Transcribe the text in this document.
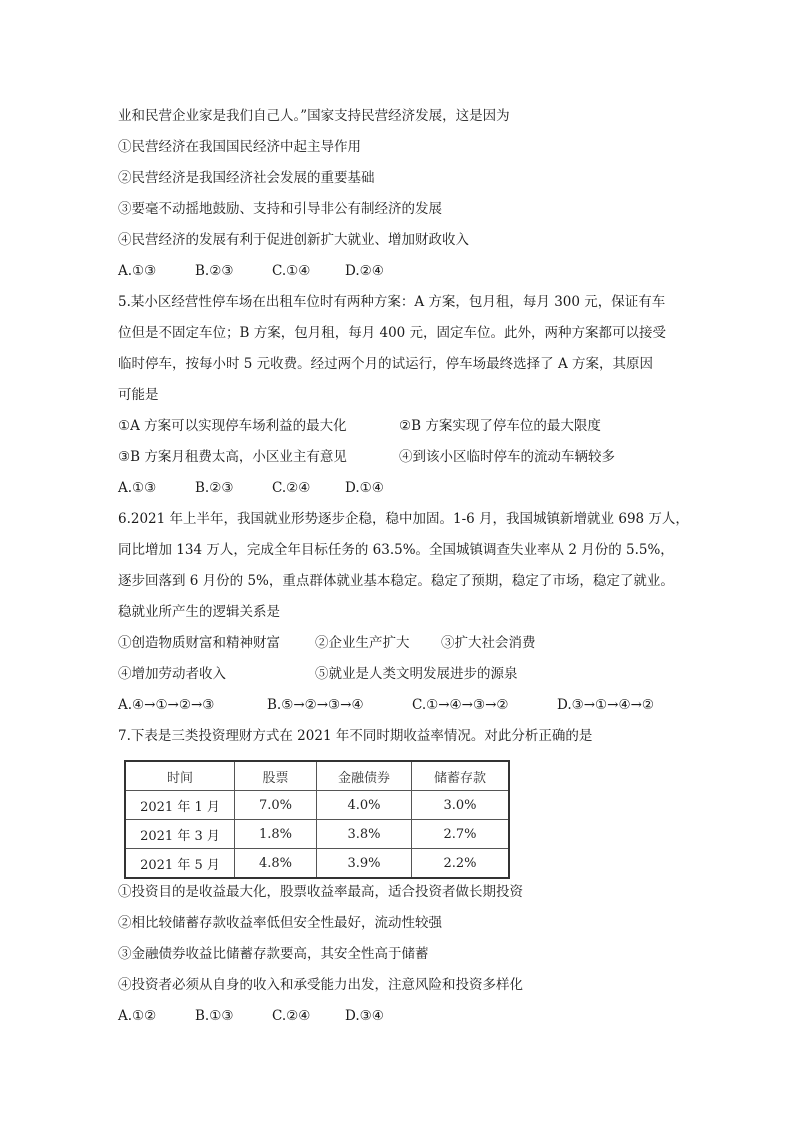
业和民营企业家是我们自己人。”国家支持民营经济发展，这是因为
①民营经济在我国国民经济中起主导作用
②民营经济是我国经济社会发展的重要基础
③要毫不动摇地鼓励、支持和引导非公有制经济的发展
④民营经济的发展有利于促进创新扩大就业、增加财政收入
A.①③	B.②③	C.①④	D.②④
5.某小区经营性停车场在出租车位时有两种方案：A 方案，包月租，每月 300 元，保证有车
位但是不固定车位；B 方案，包月租，每月 400 元，固定车位。此外，两种方案都可以接受
临时停车，按每小时 5 元收费。经过两个月的试运行，停车场最终选择了 A 方案，其原因
可能是
①A 方案可以实现停车场利益的最大化	②B 方案实现了停车位的最大限度
③B 方案月租费太高，小区业主有意见	④到该小区临时停车的流动车辆较多
A.①③	B.②③	C.②④	D.①④
6.2021 年上半年，我国就业形势逐步企稳，稳中加固。1-6 月，我国城镇新增就业 698 万人，
同比增加 134 万人，完成全年目标任务的 63.5%。全国城镇调查失业率从 2 月份的 5.5%，
逐步回落到 6 月份的 5%，重点群体就业基本稳定。稳定了预期，稳定了市场，稳定了就业。
稳就业所产生的逻辑关系是
①创造物质财富和精神财富	②企业生产扩大 ③扩大社会消费
④增加劳动者收入	⑤就业是人类文明发展进步的源泉
A.④→①→②→③	B.⑤→②→③→④	C.①→④→③→②	D.③→①→④→②
7.下表是三类投资理财方式在 2021 年不同时期收益率情况。对此分析正确的是
时间	股票	金融债券	储蓄存款
2021 年 1 月	7.0%	4.0%	3.0%
2021 年 3 月	1.8%	3.8%	2.7%
2021 年 5 月	4.8%	3.9%	2.2%
①投资目的是收益最大化，股票收益率最高，适合投资者做长期投资
②相比较储蓄存款收益率低但安全性最好，流动性较强
③金融债券收益比储蓄存款要高，其安全性高于储蓄
④投资者必须从自身的收入和承受能力出发，注意风险和投资多样化
A.①②	B.①③	C.②④	D.③④
